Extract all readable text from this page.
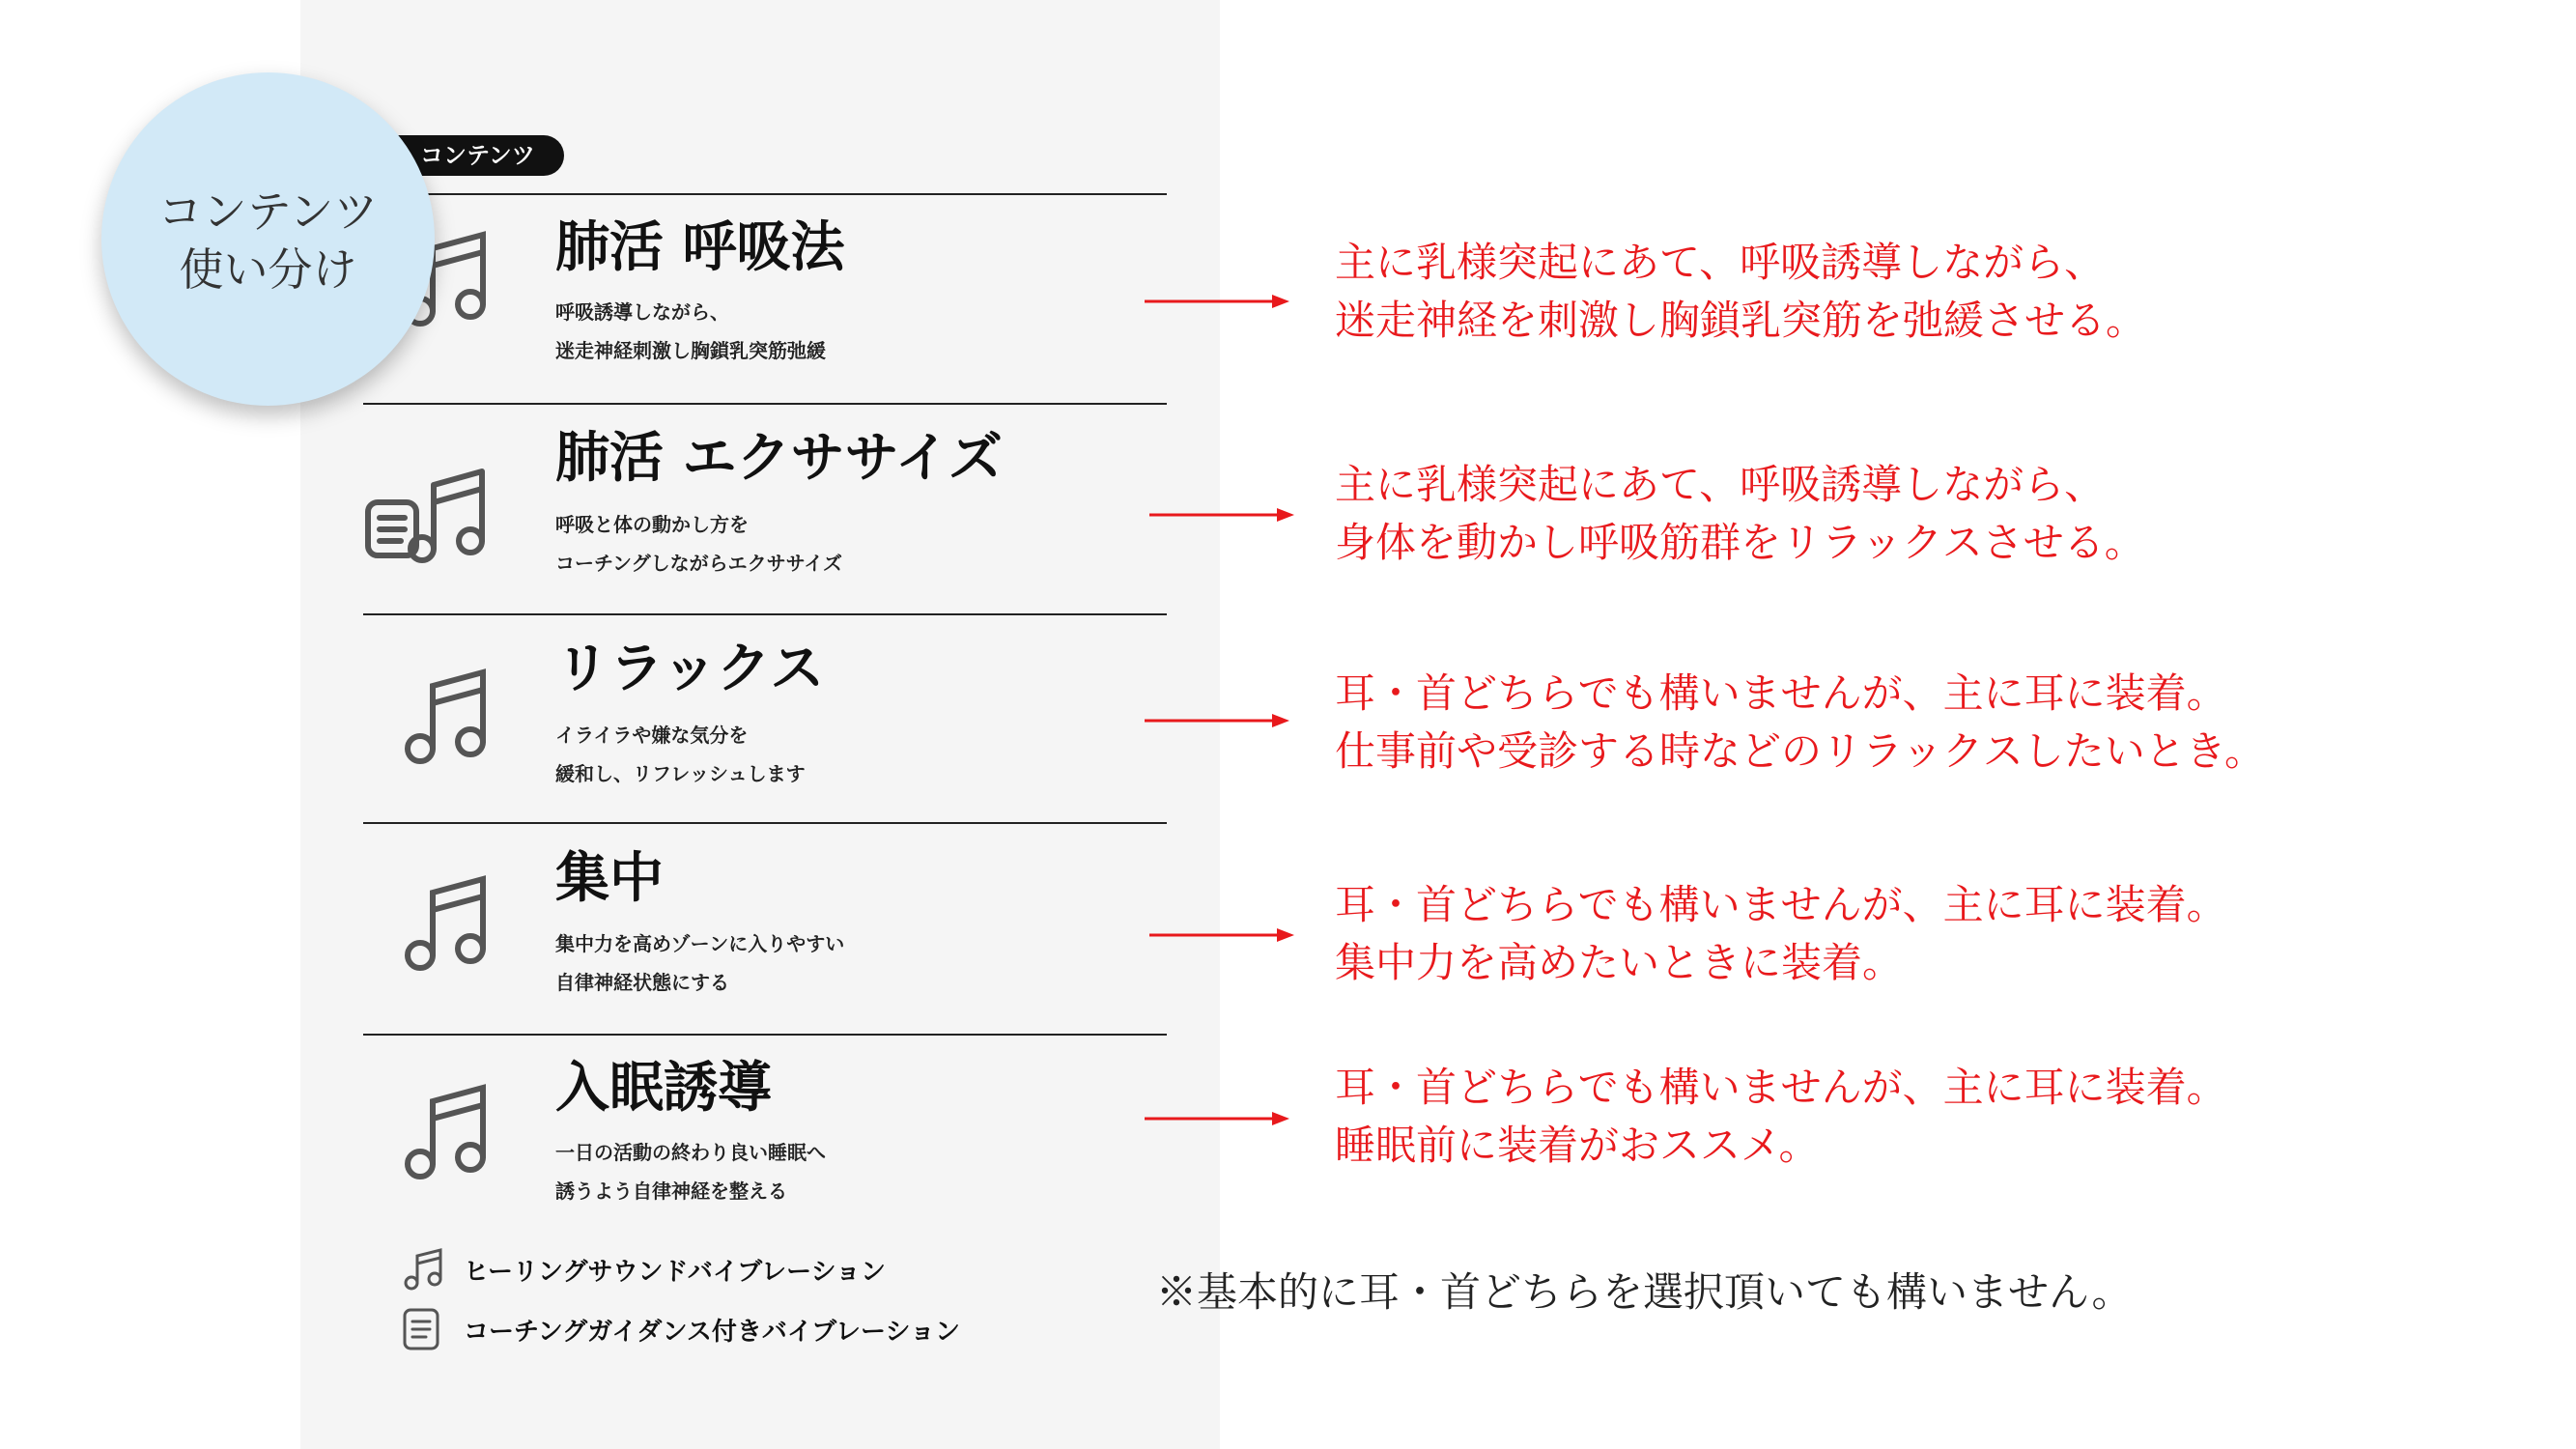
コンテンツ
肺活 呼吸法
呼吸誘導しながら、
迷走神経刺激し胸鎖乳突筋弛緩
肺活 エクササイズ
呼吸と体の動かし方を
コーチングしながらエクササイズ
リラックス
イライラや嫌な気分を
緩和し、リフレッシュします
集中
集中力を高めゾーンに入りやすい
自律神経状態にする
入眠誘導
一日の活動の終わり良い睡眠へ
誘うよう自律神経を整える
ヒーリングサウンドバイブレーション
コーチングガイダンス付きバイブレーション
コンテンツ
使い分け	主に乳様突起にあて、呼吸誘導しながら、
迷走神経を刺激し胸鎖乳突筋を弛緩させる。
主に乳様突起にあて、呼吸誘導しながら、
身体を動かし呼吸筋群をリラックスさせる。
耳・首どちらでも構いませんが、主に耳に装着。
仕事前や受診する時などのリラックスしたいとき。
耳・首どちらでも構いませんが、主に耳に装着。
集中力を高めたいときに装着。
耳・首どちらでも構いませんが、主に耳に装着。
睡眠前に装着がおススメ。
※基本的に耳・首どちらを選択頂いても構いません。
